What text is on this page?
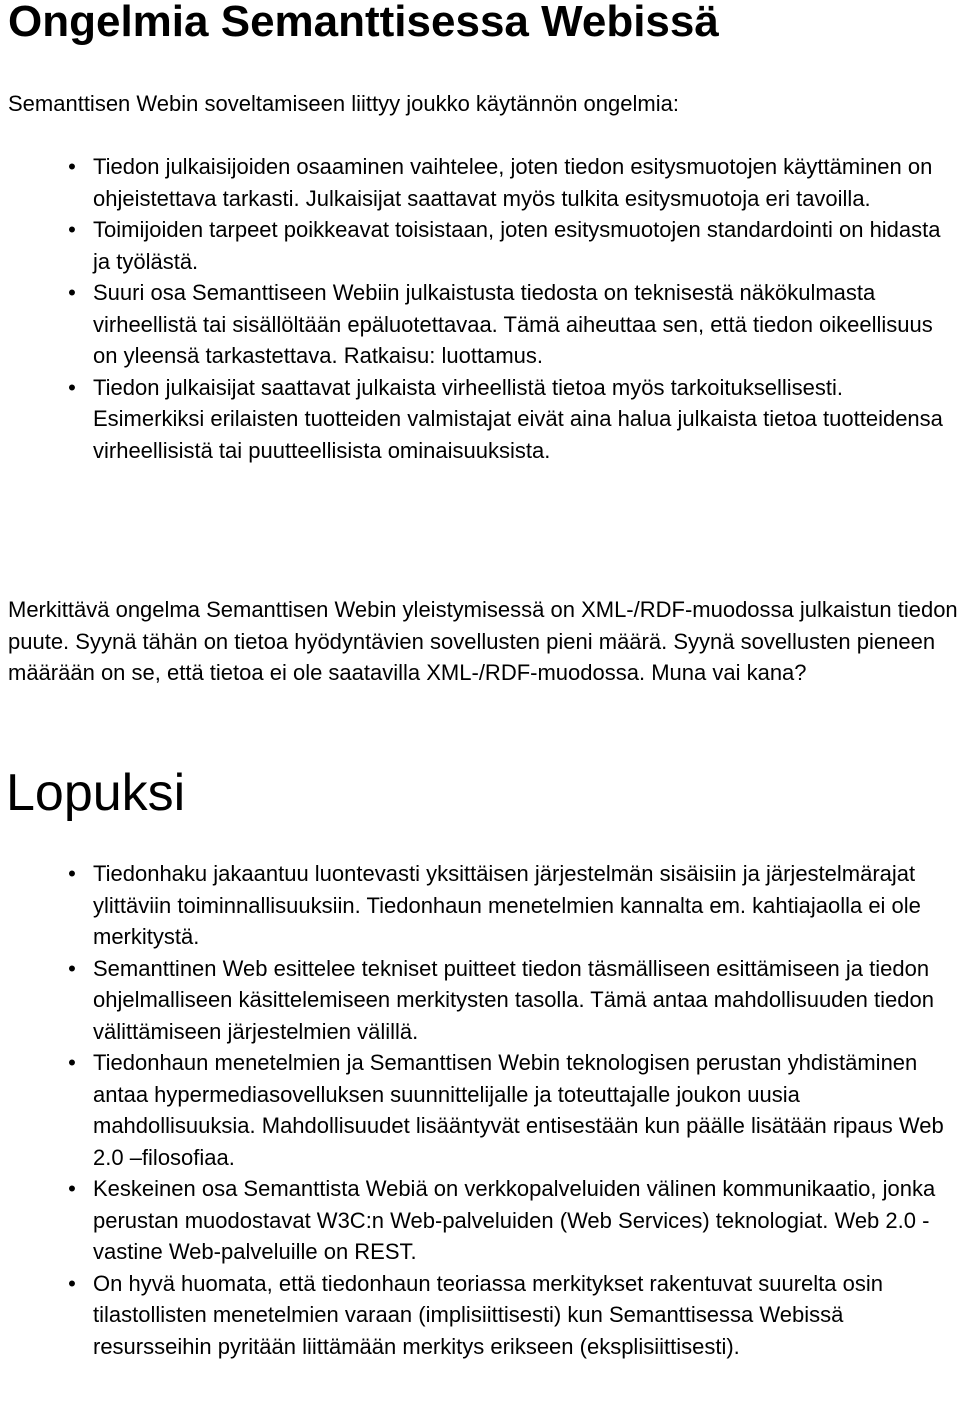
Ongelmia Semanttisessa Webissä

Semanttisen Webin soveltamiseen liittyy joukko käytännön ongelmia:

• Tiedon julkaisijoiden osaaminen vaihtelee, joten tiedon esitysmuotojen käyttäminen on ohjeistettava tarkasti. Julkaisijat saattavat myös tulkita esitysmuotoja eri tavoilla.
• Toimijoiden tarpeet poikkeavat toisistaan, joten esitysmuotojen standardointi on hidasta ja työlästä.
• Suuri osa Semanttiseen Webiin julkaistusta tiedosta on teknisestä näkökulmasta virheellistä tai sisällöltään epäluotettavaa. Tämä aiheuttaa sen, että tiedon oikeellisuus on yleensä tarkastettava. Ratkaisu: luottamus.
• Tiedon julkaisijat saattavat julkaista virheellistä tietoa myös tarkoituksellisesti. Esimerkiksi erilaisten tuotteiden valmistajat eivät aina halua julkaista tietoa tuotteidensa virheellisistä tai puutteellisista ominaisuuksista.

Merkittävä ongelma Semanttisen Webin yleistymisessä on XML-/RDF-muodossa julkaistun tiedon puute. Syynä tähän on tietoa hyödyntävien sovellusten pieni määrä. Syynä sovellusten pieneen määrään on se, että tietoa ei ole saatavilla XML-/RDF-muodossa. Muna vai kana?

Lopuksi
• Tiedonhaku jakaantuu luontevasti yksittäisen järjestelmän sisäisiin ja järjestelmärajat ylittäviin toiminnallisuuksiin. Tiedonhaun menetelmien kannalta em. kahtiajaolla ei ole merkitystä.
• Semanttinen Web esittelee tekniset puitteet tiedon täsmälliseen esittämiseen ja tiedon ohjelmalliseen käsittelemiseen merkitysten tasolla. Tämä antaa mahdollisuuden tiedon välittämiseen järjestelmien välillä.
• Tiedonhaun menetelmien ja Semanttisen Webin teknologisen perustan yhdistäminen antaa hypermediasovelluksen suunnittelijalle ja toteuttajalle joukon uusia mahdollisuuksia. Mahdollisuudet lisääntyvät entisestään kun päälle lisätään ripaus Web 2.0 –filosofiaa.
• Keskeinen osa Semanttista Webiä on verkkopalveluiden välinen kommunikaatio, jonka perustan muodostavat W3C:n Web-palveluiden (Web Services) teknologiat. Web 2.0 -vastine Web-palveluille on REST.
• On hyvä huomata, että tiedonhaun teoriassa merkitykset rakentuvat suurelta osin tilastollisten menetelmien varaan (implisiittisesti) kun Semanttisessa Webissä resursseihin pyritään liittämään merkitys erikseen (eksplisiittisesti).
